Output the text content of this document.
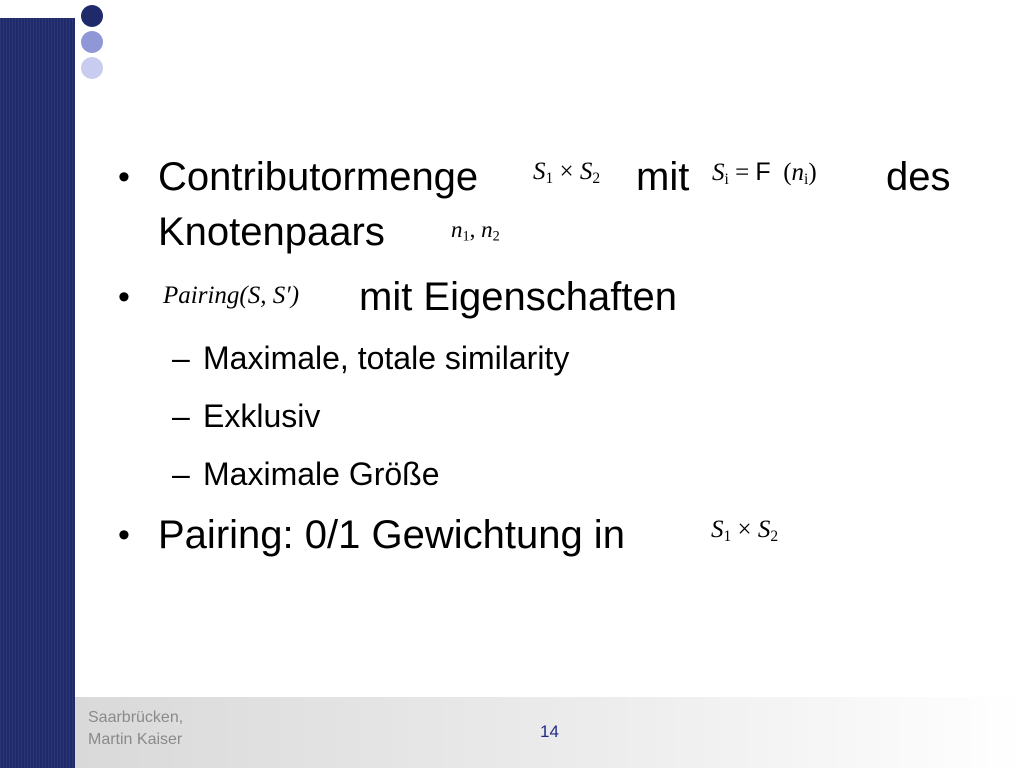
• Contributormenge $S_1 \times S_2$ mit $S_i = F$ $(n_i)$ des
Knotenpaars	$n_1$, $n_2$
• Pairing(S, S′) mit Eigenschaften
– Maximale, totale similarity
– Exklusiv
– Maximale Größe
• Pairing: 0/1 Gewichtung in	$S_1 \times S_2$
Saarbrücken,
Martin Kaiser	14
